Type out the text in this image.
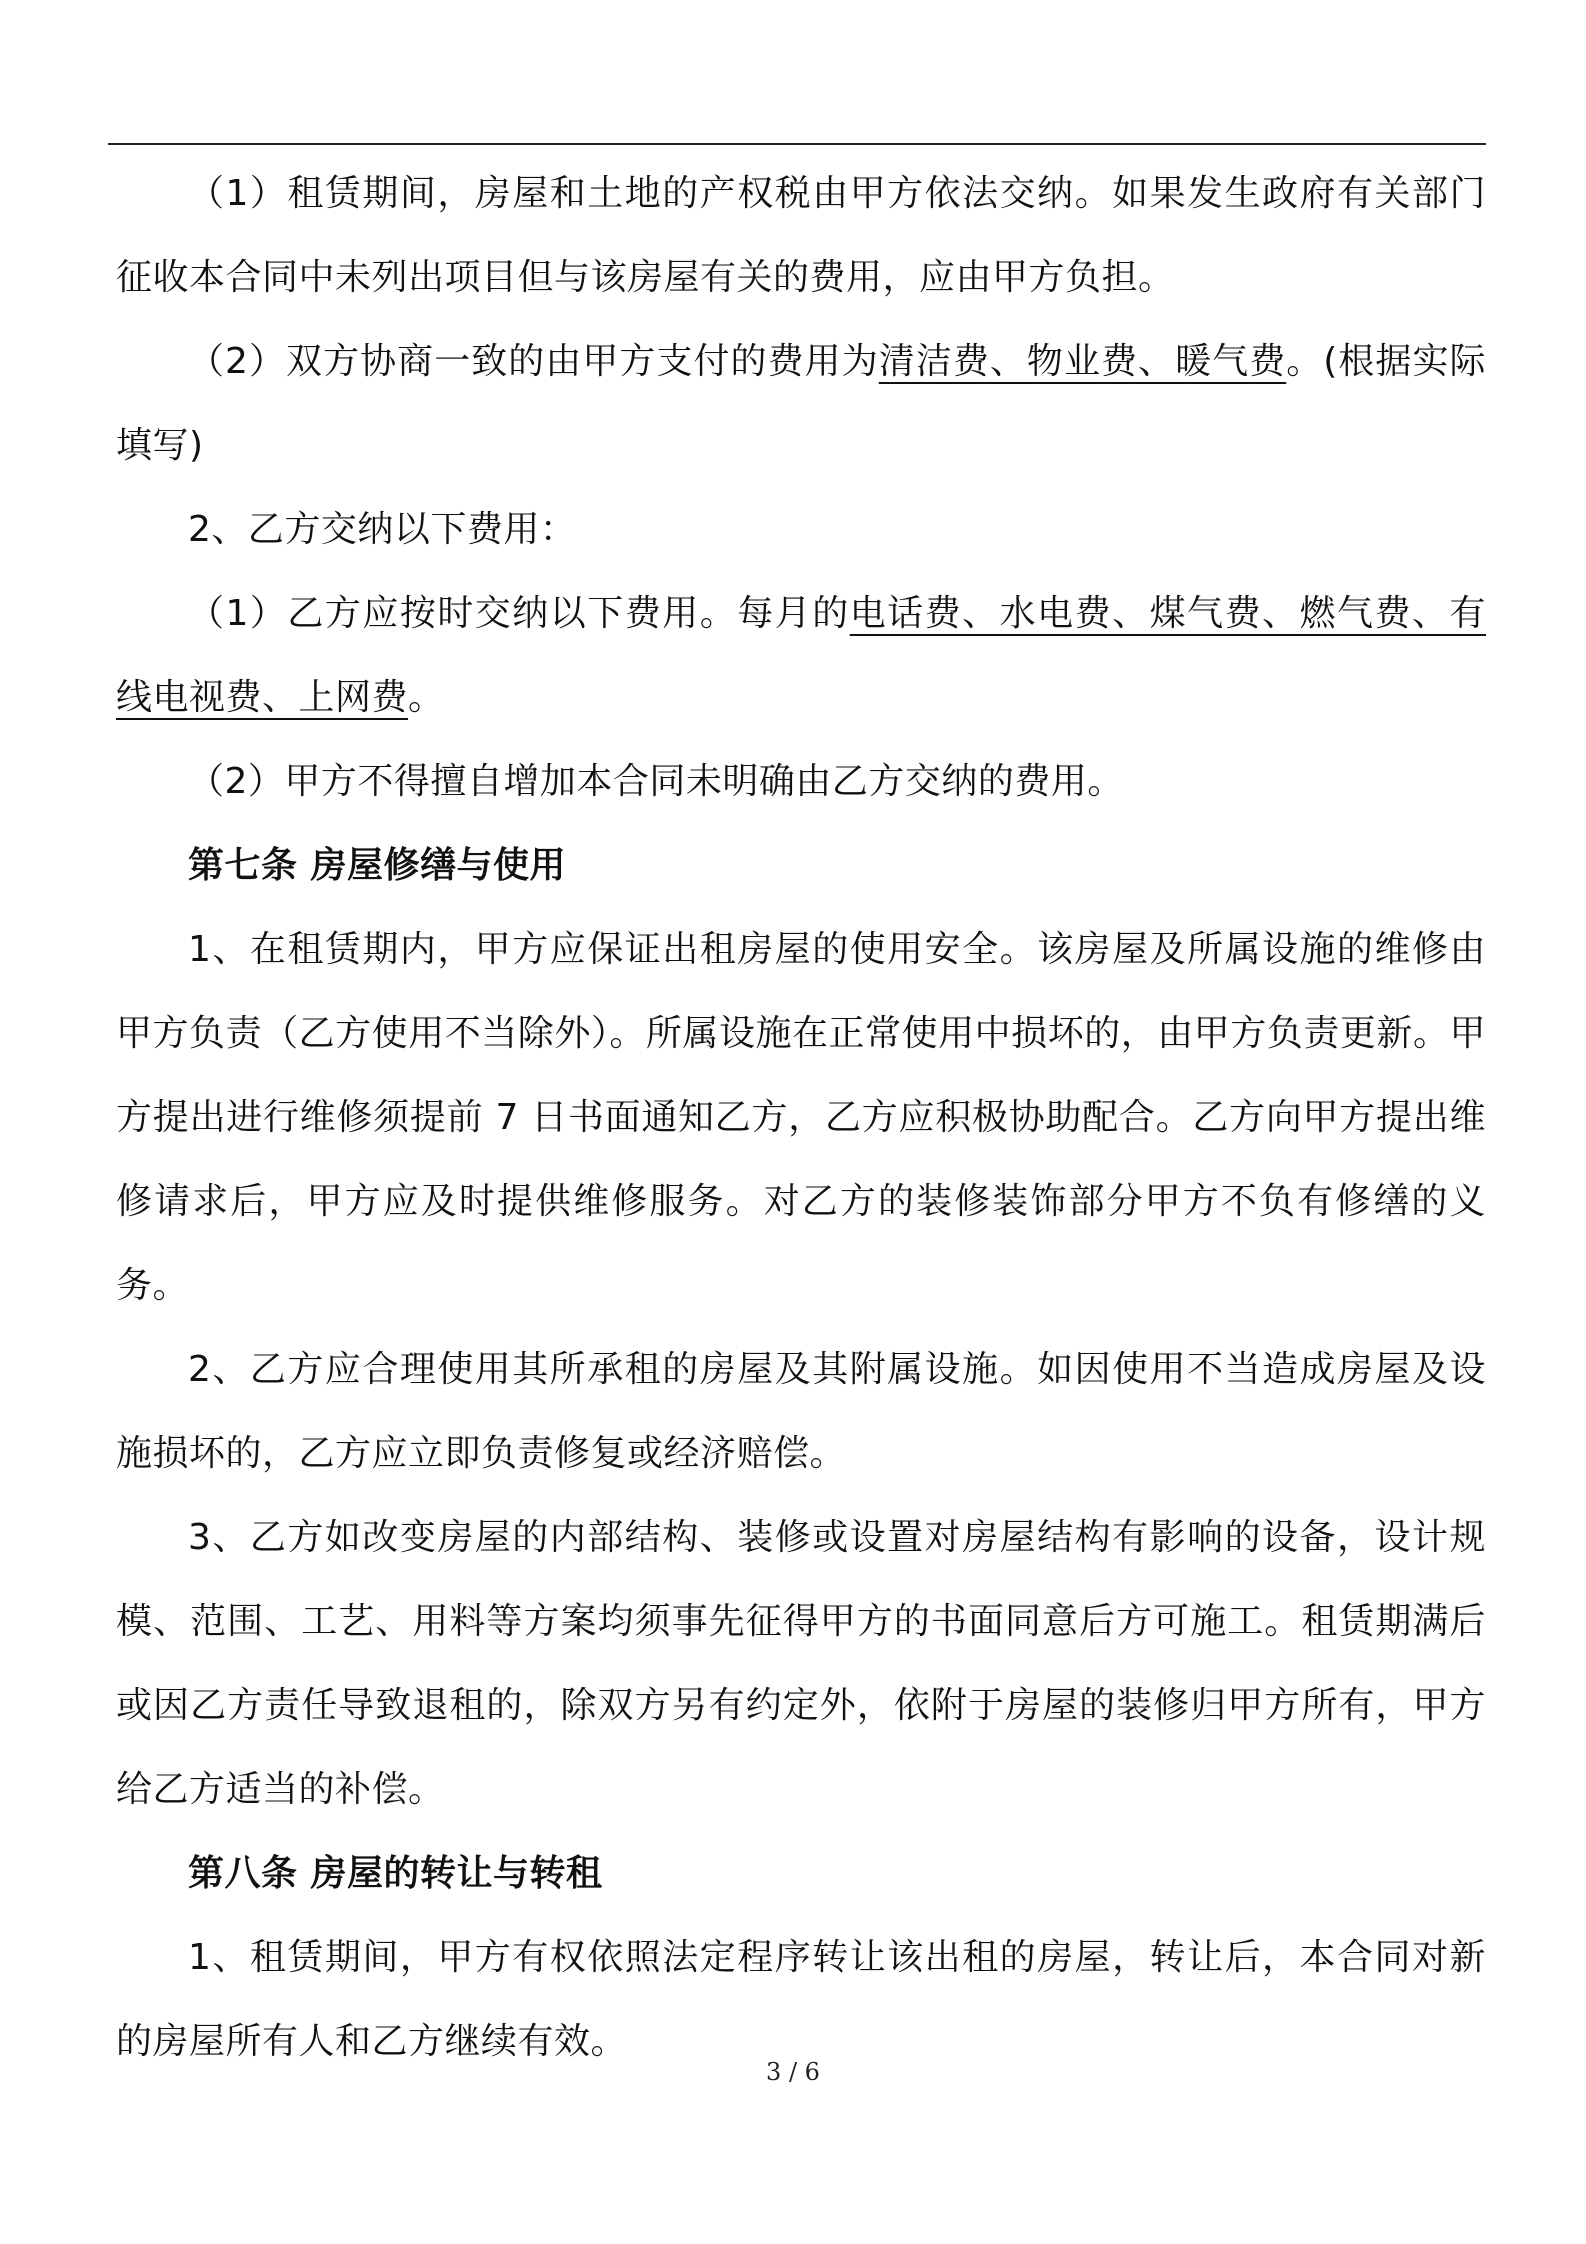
（1）租赁期间，房屋和土地的产权税由甲方依法交纳。如果发生政府有关部门征收本合同中未列出项目但与该房屋有关的费用，应由甲方负担。

（2）双方协商一致的由甲方支付的费用为清洁费、物业费、暖气费。(根据实际填写)

2、乙方交纳以下费用：

（1）乙方应按时交纳以下费用。每月的电话费、水电费、煤气费、燃气费、有线电视费、上网费。

（2）甲方不得擅自增加本合同未明确由乙方交纳的费用。

第七条 房屋修缮与使用

1、在租赁期内，甲方应保证出租房屋的使用安全。该房屋及所属设施的维修由甲方负责（乙方使用不当除外）。所属设施在正常使用中损坏的，由甲方负责更新。甲方提出进行维修须提前 7 日书面通知乙方，乙方应积极协助配合。乙方向甲方提出维修请求后，甲方应及时提供维修服务。对乙方的装修装饰部分甲方不负有修缮的义务。

2、乙方应合理使用其所承租的房屋及其附属设施。如因使用不当造成房屋及设施损坏的，乙方应立即负责修复或经济赔偿。

3、乙方如改变房屋的内部结构、装修或设置对房屋结构有影响的设备，设计规模、范围、工艺、用料等方案均须事先征得甲方的书面同意后方可施工。租赁期满后或因乙方责任导致退租的，除双方另有约定外，依附于房屋的装修归甲方所有，甲方给乙方适当的补偿。

第八条 房屋的转让与转租

1、租赁期间，甲方有权依照法定程序转让该出租的房屋，转让后，本合同对新的房屋所有人和乙方继续有效。

3 / 6
